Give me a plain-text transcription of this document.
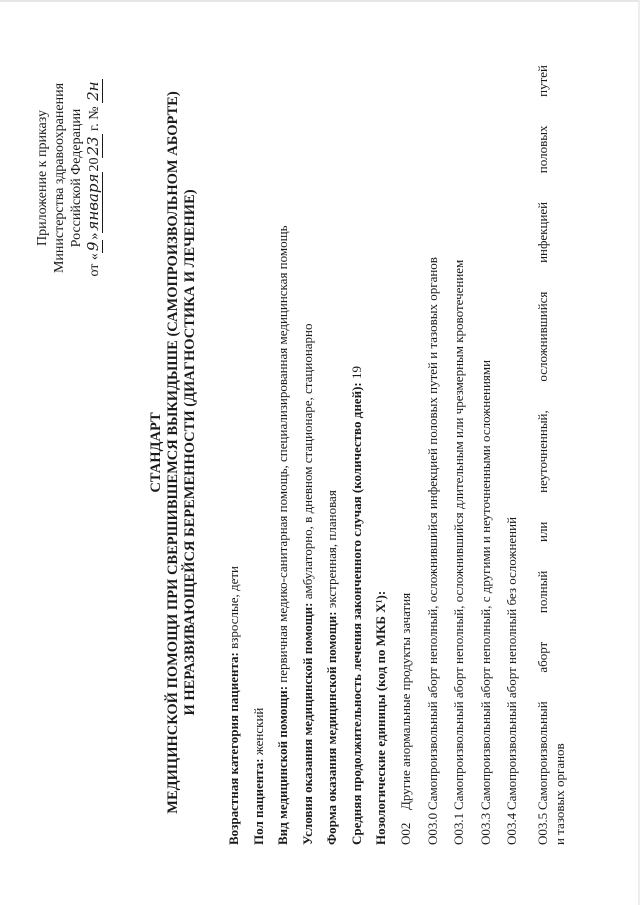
Приложение к приказу Министерства здравоохранения Российской Федерации
от «9»января2023 г. № 2н
СТАНДАРТ МЕДИЦИНСКОЙ ПОМОЩИ ПРИ СВЕРШИВШЕМСЯ ВЫКИДЫШЕ (САМОПРОИЗВОЛЬНОМ АБОРТЕ) И НЕРАЗВИВАЮЩЕЙСЯ БЕРЕМЕННОСТИ (ДИАГНОСТИКА И ЛЕЧЕНИЕ)
Возрастная категория пациента: взрослые, дети
Пол пациента: женский Вид медицинской помощи: первичная медико-санитарная помощь, специализированная медицинская помощь
Условия оказания медицинской помощи: амбулаторно, в дневном стационаре, стационарно
Форма оказания медицинской помощи: экстренная, плановая Средняя продолжительность лечения законченного случая (количество дней): 19
Нозологические единицы (код по МКБ X¹): O02Другие анормальные продукты зачатия
O03.0Самопроизвольный аборт неполный, осложнившийся инфекцией половых путей и тазовых органов
O03.1Самопроизвольный аборт неполный, осложнившийся длительным или чрезмерным кровотечением
O03.3Самопроизвольный аборт неполный, с другими и неуточненными осложнениями
O03.4Самопроизвольный аборт неполный без осложнений
O03.5Самопроизвольный аборт полный или неуточненный, осложнившийся инфекцией половых путей и тазовых органов
